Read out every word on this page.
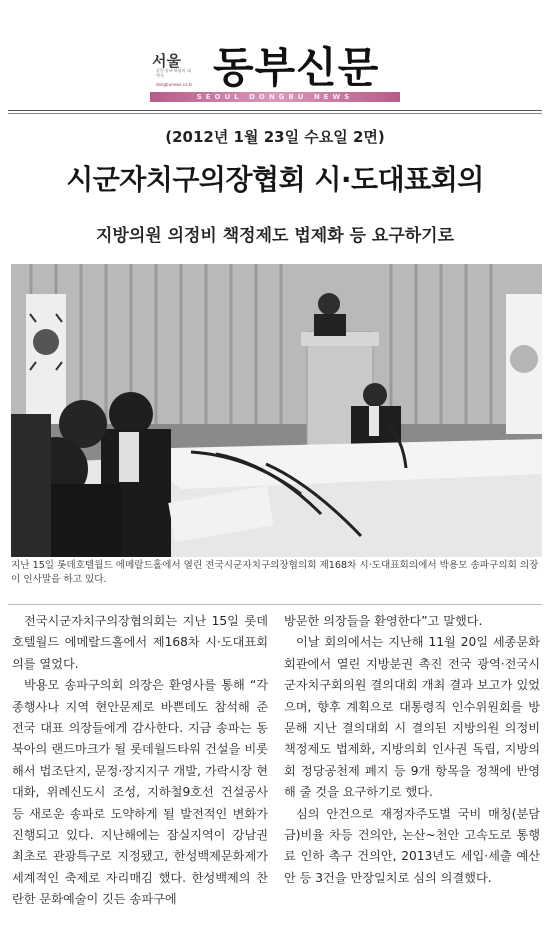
서울
강동·송파·하남의 대변지
dongbunews.co.kr 동부신문
SEOUL DONGBU NEWS
(2012년 1월 23일 수요일 2면)
시군자치구의장협회 시·도대표회의
지방의원 의정비 책정제도 법제화 등 요구하기로
지난 15일 롯데호텔월드 에메랄드홀에서 열린 전국시군자치구의장협의회 제168차 시·도대표회의에서 박용모 송파구의회 의장이 인사말을 하고 있다.

전국시군자치구의장협의회는 지난 15일 롯데호텔월드 에메랄드홀에서 제168차 시·도대표회의를 열었다.

박용모 송파구의회 의장은 환영사를 통해 “각종행사나 지역 현안문제로 바쁜데도 참석해 준 전국 대표 의장들에게 감사한다. 지금 송파는 동북아의 랜드마크가 될 롯데월드타워 건설을 비롯해서 법조단지, 문정·장지지구 개발, 가락시장 현대화, 위례신도시 조성, 지하철9호선 건설공사 등 새로운 송파로 도약하게 될 발전적인 변화가 진행되고 있다. 지난해에는 잠실지역이 강남권 최초로 관광특구로 지정됐고, 한성백제문화제가 세계적인 축제로 자리매김 했다. 한성백제의 찬란한 문화예술이 깃든 송파구에

방문한 의장들을 환영한다”고 말했다.

이날 회의에서는 지난해 11월 20일 세종문화회관에서 열린 지방분권 촉진 전국 광역·전국시군자치구회의원 결의대회 개최 결과 보고가 있었으며, 향후 계획으로 대통령직 인수위원회를 방문해 지난 결의대회 시 결의된 지방의원 의정비 책정제도 법제화, 지방의회 인사권 독립, 지방의회 정당공천제 폐지 등 9개 항목을 정책에 반영해 줄 것을 요구하기로 했다.

심의 안건으로 재정자주도별 국비 매칭(분담금)비율 차등 건의안, 논산~천안 고속도로 통행료 인하 촉구 건의안, 2013년도 세입·세출 예산안 등 3건을 만장일치로 심의 의결했다.
